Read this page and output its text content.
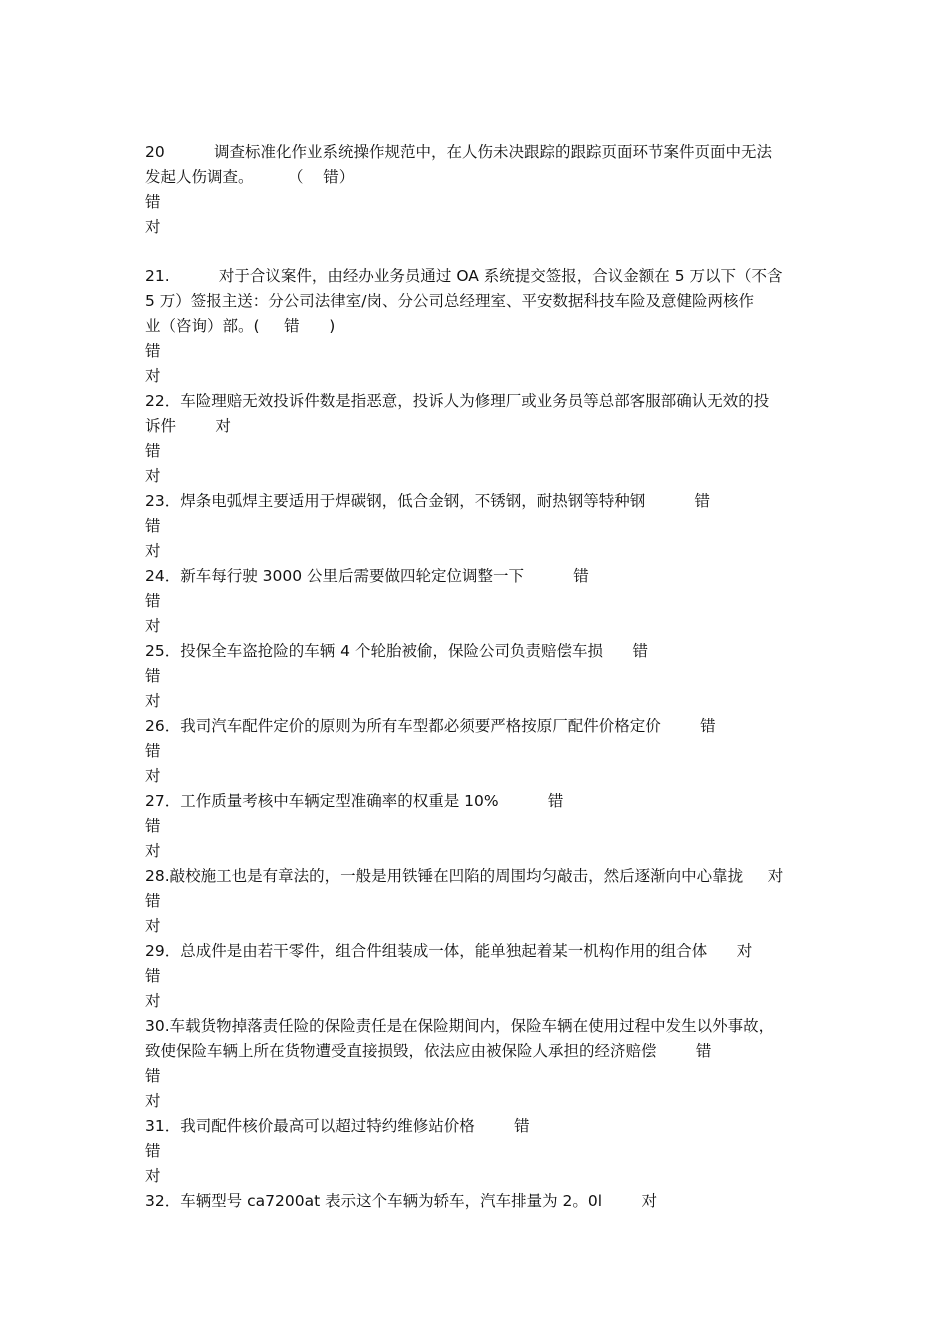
20          调查标准化作业系统操作规范中，在人伤未决跟踪的跟踪页面环节案件页面中无法
发起人伤调查。       （    错）
错
对
21.          对于合议案件，由经办业务员通过 OA 系统提交签报，合议金额在 5 万以下（不含
5 万）签报主送：分公司法律室/岗、分公司总经理室、平安数据科技车险及意健险两核作
业（咨询）部。(     错      )
错
对
22．车险理赔无效投诉件数是指恶意，投诉人为修理厂或业务员等总部客服部确认无效的投
诉件        对
错
对
23．焊条电弧焊主要适用于焊碳钢，低合金钢，不锈钢，耐热钢等特种钢          错
错
对
24．新车每行驶 3000 公里后需要做四轮定位调整一下          错
错
对
25．投保全车盗抢险的车辆 4 个轮胎被偷，保险公司负责赔偿车损      错
错
对
26．我司汽车配件定价的原则为所有车型都必须要严格按原厂配件价格定价        错
错
对
27．工作质量考核中车辆定型准确率的权重是 10%          错
错
对
28.敲校施工也是有章法的，一般是用铁锤在凹陷的周围均匀敲击，然后逐渐向中心靠拢     对
错
对
29．总成件是由若干零件，组合件组装成一体，能单独起着某一机构作用的组合体      对
错
对
30.车载货物掉落责任险的保险责任是在保险期间内，保险车辆在使用过程中发生以外事故，
致使保险车辆上所在货物遭受直接损毁，依法应由被保险人承担的经济赔偿        错
错
对
31．我司配件核价最高可以超过特约维修站价格        错
错
对
32．车辆型号 ca7200at 表示这个车辆为轿车，汽车排量为 2。0l        对
